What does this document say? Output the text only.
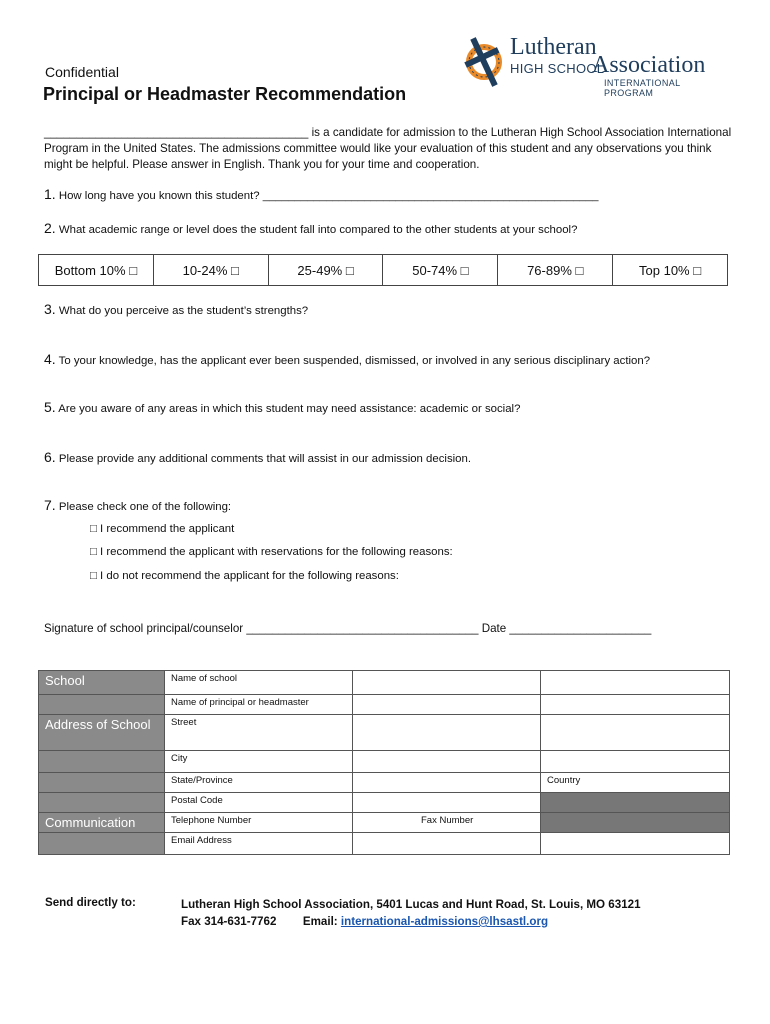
Confidential
Principal or Headmaster Recommendation
Lutheran
HIGH SCHOOL
Association
INTERNATIONAL PROGRAM
_________________________________________ is a candidate for admission to the Lutheran High School Association International Program in the United States. The admissions committee would like your evaluation of this student and any observations you think might be helpful. Please answer in English. Thank you for your time and cooperation.
1. How long have you known this student? _____________________________________________________
2. What academic range or level does the student fall into compared to the other students at your school?
Bottom 10% □	10-24% □	25-49% □	50-74% □	76-89% □	Top 10% □
3. What do you perceive as the student’s strengths?
4. To your knowledge, has the applicant ever been suspended, dismissed, or involved in any serious disciplinary action?
5. Are you aware of any areas in which this student may need assistance: academic or social?
6. Please provide any additional comments that will assist in our admission decision.
7. Please check one of the following:
□ I recommend the applicant
□ I recommend the applicant with reservations for the following reasons:
□ I do not recommend the applicant for the following reasons:
Signature of school principal/counselor ____________________________________ Date ______________________
School	Name of school		
	Name of principal or headmaster		
Address of School	Street		
	City		
	State/Province		Country
	Postal Code		
Communication	Telephone Number	Fax Number	
	Email Address		
Send directly to:	Lutheran High School Association, 5401 Lucas and Hunt Road, St. Louis, MO 63121
Fax 314-631-7762 Email: international-admissions@lhsastl.org
